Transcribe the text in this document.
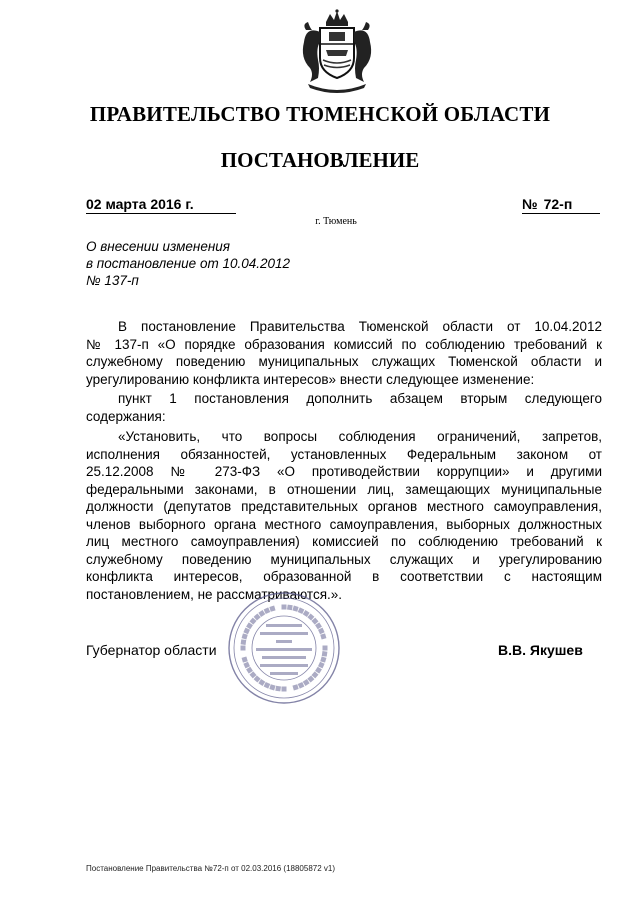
ПРАВИТЕЛЬСТВО ТЮМЕНСКОЙ ОБЛАСТИ
ПОСТАНОВЛЕНИЕ
02 марта 2016 г.	№ 72-п
г. Тюмень
О внесении изменения
в постановление от 10.04.2012
№ 137-п
В постановление Правительства Тюменской области от 10.04.2012
№ 137-п «О порядке образования комиссий по соблюдению требований к
служебному поведению муниципальных служащих Тюменской области и
урегулированию конфликта интересов» внести следующее изменение:
пункт 1 постановления дополнить абзацем вторым следующего
содержания:
«Установить, что вопросы соблюдения ограничений, запретов,
исполнения обязанностей, установленных Федеральным законом от
25.12.2008 № 273-ФЗ «О противодействии коррупции» и другими
федеральными законами, в отношении лиц, замещающих муниципальные
должности (депутатов представительных органов местного самоуправления,
членов выборного органа местного самоуправления, выборных должностных
лиц местного самоуправления) комиссией по соблюдению требований к
служебному поведению муниципальных служащих и урегулированию
конфликта интересов, образованной в соответствии с настоящим
постановлением, не рассматриваются.».
Губернатор области	В.В. Якушев
Постановление Правительства №72-п от 02.03.2016 (18805872 v1)
